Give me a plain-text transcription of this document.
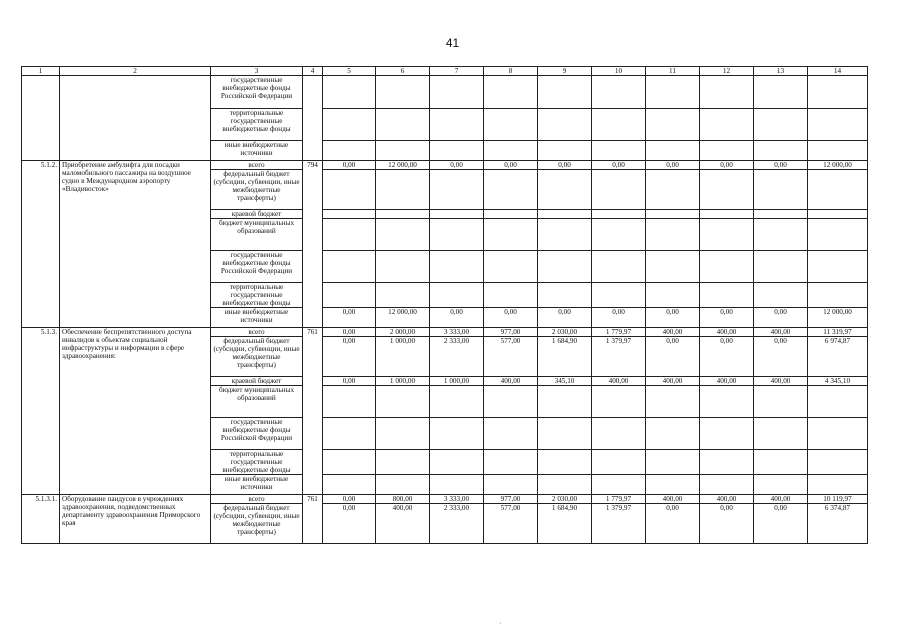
41
1	2	3	4	5	6	7	8	9	10	11	12	13	14
		государственные внебюджетные фонды Российской Федерации											
		территориальные государственные внебюджетные фонды											
		иные внебюджетные источники											
5.1.2.	Приобретение амбулифта для посадки маломобильного пассажира на воздушное судно в Международном аэропорту «Владивосток»	всего	794	0,00	12 000,00	0,00	0,00	0,00	0,00	0,00	0,00	0,00	12 000,00
		федеральный бюджет (субсидии, субвенции, иные межбюджетные трансферты)											
		краевой бюджет											
		бюджет муниципальных образований											
		государственные внебюджетные фонды Российской Федерации											
		территориальные государственные внебюджетные фонды											
		иные внебюджетные источники		0,00	12 000,00	0,00	0,00	0,00	0,00	0,00	0,00	0,00	12 000,00
5.1.3.	Обеспечение беспрепятственного доступа инвалидов к объектам социальной инфраструктуры и информации в сфере здравоохранения:	всего	761	0,00	2 000,00	3 333,00	977,00	2 030,00	1 779,97	400,00	400,00	400,00	11 319,97
		федеральный бюджет (субсидии, субвенции, иные межбюджетные трансферты)		0,00	1 000,00	2 333,00	577,00	1 684,90	1 379,97	0,00	0,00	0,00	6 974,87
		краевой бюджет		0,00	1 000,00	1 000,00	400,00	345,10	400,00	400,00	400,00	400,00	4 345,10
		бюджет муниципальных образований											
		государственные внебюджетные фонды Российской Федерации											
		территориальные государственные внебюджетные фонды											
		иные внебюджетные источники											
5.1.3.1.	Оборудование пандусов в учреждениях здравоохранения, подведомственных департаменту здравоохранения Приморского края	всего	761	0,00	800,00	3 333,00	977,00	2 030,00	1 779,97	400,00	400,00	400,00	10 119,97
		федеральный бюджет (субсидии, субвенции, иные межбюджетные трансферты)		0,00	400,00	2 333,00	577,00	1 684,90	1 379,97	0,00	0,00	0,00	6 374,87
·
